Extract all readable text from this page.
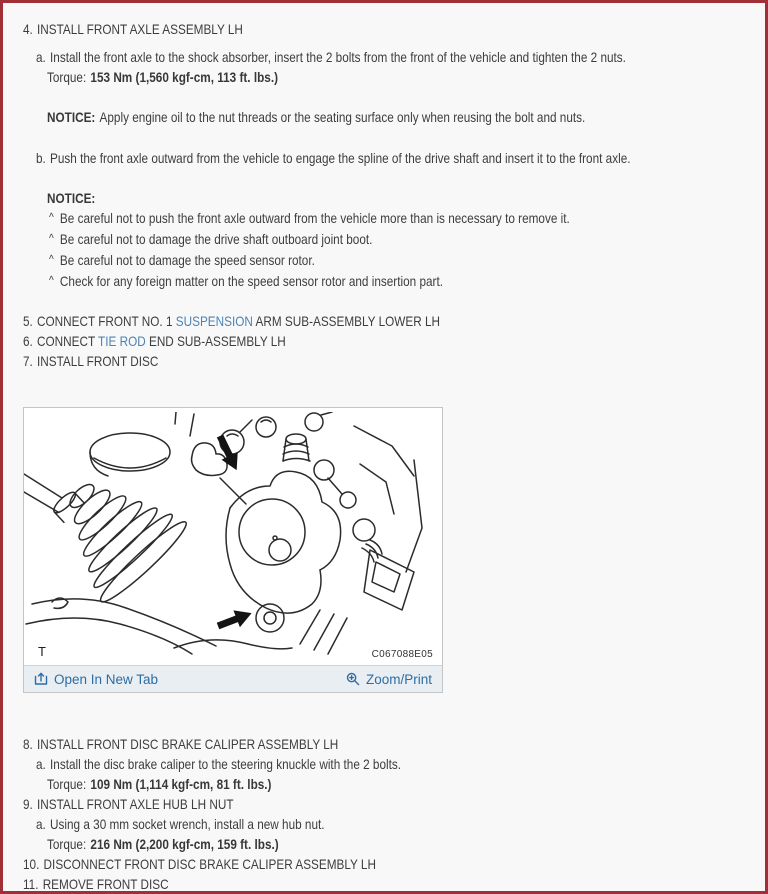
4. INSTALL FRONT AXLE ASSEMBLY LH
a. Install the front axle to the shock absorber, insert the 2 bolts from the front of the vehicle and tighten the 2 nuts.
Torque: 153 Nm (1,560 kgf-cm, 113 ft. lbs.)
NOTICE: Apply engine oil to the nut threads or the seating surface only when reusing the bolt and nuts.
b. Push the front axle outward from the vehicle to engage the spline of the drive shaft and insert it to the front axle.
NOTICE:
^ Be careful not to push the front axle outward from the vehicle more than is necessary to remove it.
^ Be careful not to damage the drive shaft outboard joint boot.
^ Be careful not to damage the speed sensor rotor.
^ Check for any foreign matter on the speed sensor rotor and insertion part.
5. CONNECT FRONT NO. 1 SUSPENSION ARM SUB-ASSEMBLY LOWER LH
6. CONNECT TIE ROD END SUB-ASSEMBLY LH
7. INSTALL FRONT DISC
T	C067088E05
Open In New Tab	Zoom/Print
8. INSTALL FRONT DISC BRAKE CALIPER ASSEMBLY LH
a. Install the disc brake caliper to the steering knuckle with the 2 bolts.
Torque: 109 Nm (1,114 kgf-cm, 81 ft. lbs.)
9. INSTALL FRONT AXLE HUB LH NUT
a. Using a 30 mm socket wrench, install a new hub nut.
Torque: 216 Nm (2,200 kgf-cm, 159 ft. lbs.)
10. DISCONNECT FRONT DISC BRAKE CALIPER ASSEMBLY LH
11. REMOVE FRONT DISC
